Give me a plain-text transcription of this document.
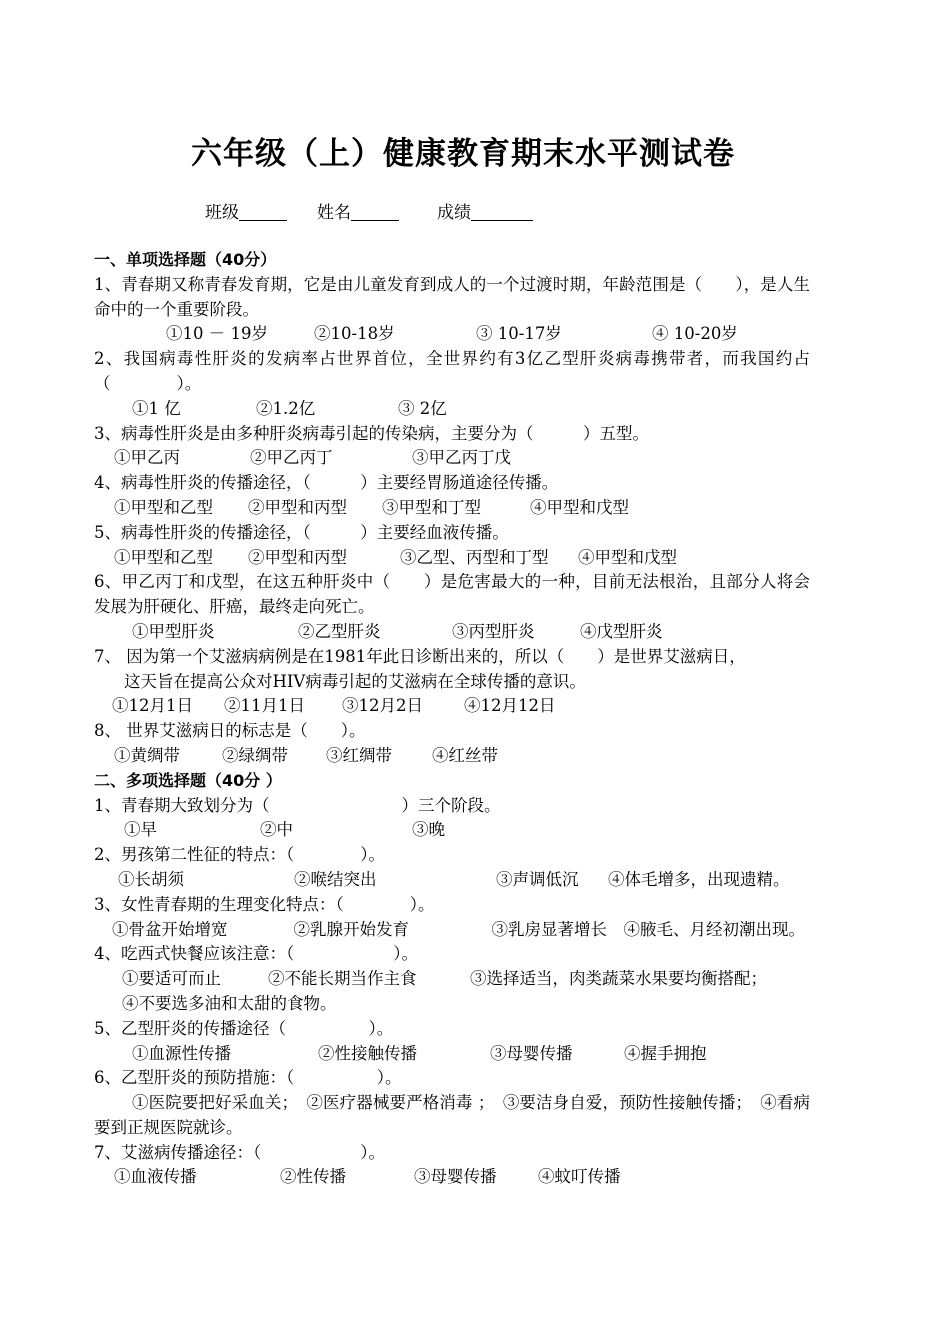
六年级（上）健康教育期末水平测试卷
班级	姓名	成绩
一、单项选择题（40分）
1、青春期又称青春发育期，它是由儿童发育到成人的一个过渡时期，年龄范围是（　　），是人生命中的一个重要阶段。
①10 － 19岁	②10-18岁	③ 10-17岁	④ 10-20岁
2、我国病毒性肝炎的发病率占世界首位，全世界约有3亿乙型肝炎病毒携带者，而我国约占（　　　　）。
①1 亿	②1.2亿	③ 2亿
3、病毒性肝炎是由多种肝炎病毒引起的传染病，主要分为（　　　）五型。
①甲乙丙	②甲乙丙丁	③甲乙丙丁戊
4、病毒性肝炎的传播途径，（　　　）主要经胃肠道途径传播。
①甲型和乙型 ②甲型和丙型 ③甲型和丁型	④甲型和戊型
5、病毒性肝炎的传播途径，（　　　）主要经血液传播。
①甲型和乙型 ②甲型和丙型	③乙型、丙型和丁型 ④甲型和戊型
6、甲乙丙丁和戊型，在这五种肝炎中（　　）是危害最大的一种，目前无法根治，且部分人将会发展为肝硬化、肝癌，最终走向死亡。
①甲型肝炎	②乙型肝炎	③丙型肝炎	④戊型肝炎
7、 因为第一个艾滋病病例是在1981年此日诊断出来的，所以（　　）是世界艾滋病日，
这天旨在提高公众对HIV病毒引起的艾滋病在全球传播的意识。
①12月1日 ②11月1日 ③12月2日 ④12月12日
8、 世界艾滋病日的标志是（　　）。
①黄绸带	②绿绸带 ③红绸带 ④红丝带
二、多项选择题（40分 ）
1、青春期大致划分为（　　　　　　　　）三个阶段。
①早	②中	③晚
2、男孩第二性征的特点：（　　　　）。
①长胡须	②喉结突出	③声调低沉 ④体毛增多，出现遗精。
3、女性青春期的生理变化特点：（　　　　）。
①骨盆开始增宽　　　　②乳腺开始发育　　　　　③乳房显著增长　④腋毛、月经初潮出现。
4、吃西式快餐应该注意：（　　　　　　）。
①要适可而止	②不能长期当作主食	③选择适当，肉类蔬菜水果要均衡搭配；
④不要选多油和太甜的食物。
5、乙型肝炎的传播途径（　　　　　）。
①血源性传播	②性接触传播	③母婴传播	④握手拥抱
6、乙型肝炎的预防措施：（　　　　　）。
①医院要把好采血关；　②医疗器械要严格消毒 ；　③要洁身自爱，预防性接触传播；　④看病要到正规医院就诊。
7、艾滋病传播途径：（　　　　　　）。
①血液传播	②性传播	③母婴传播	④蚊叮传播
